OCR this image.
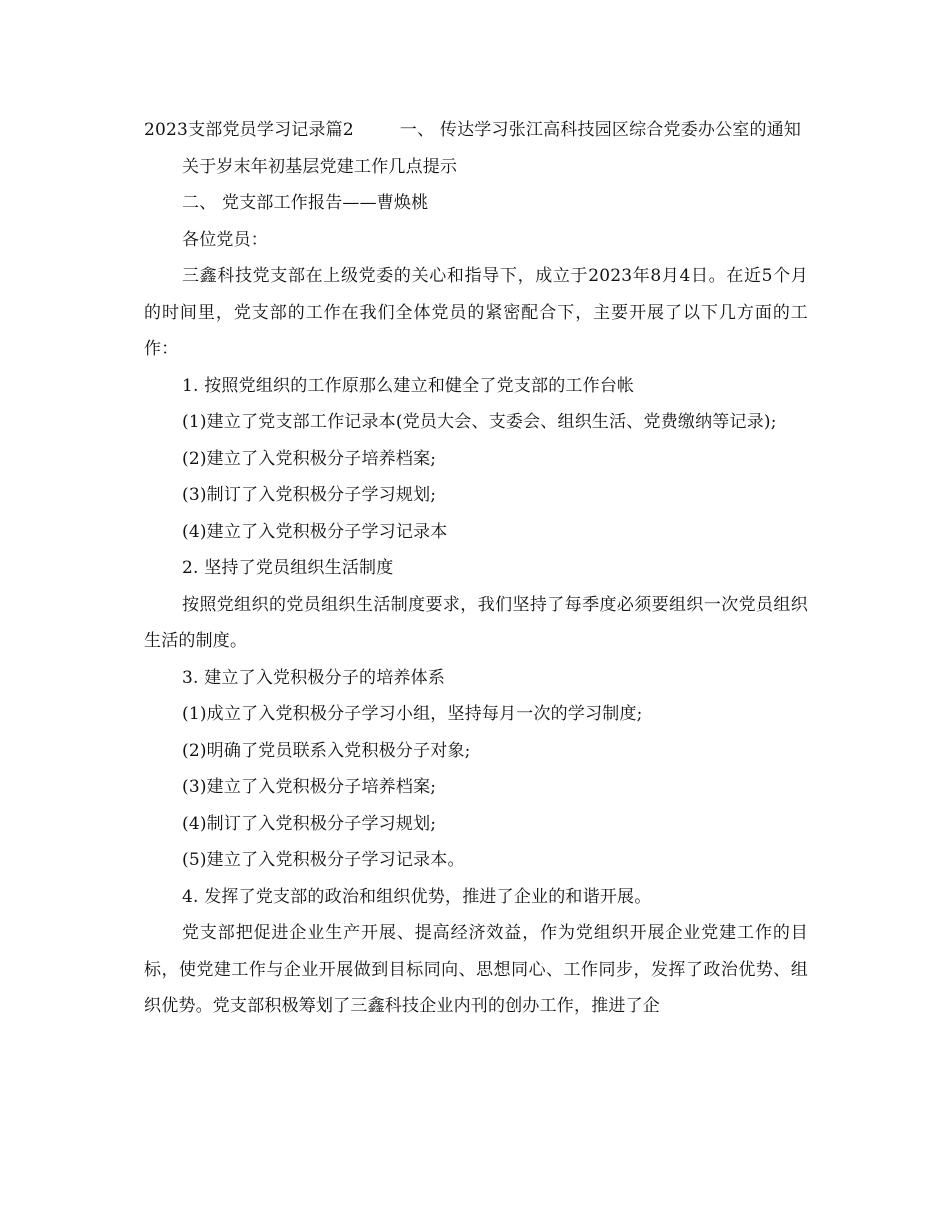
2023支部党员学习记录篇2	一、 传达学习张江高科技园区综合党委办公室的通知

关于岁末年初基层党建工作几点提示

二、 党支部工作报告——曹焕桃

各位党员：

三鑫科技党支部在上级党委的关心和指导下，成立于2023年8月4日。在近5个月的时间里，党支部的工作在我们全体党员的紧密配合下，主要开展了以下几方面的工作：

1. 按照党组织的工作原那么建立和健全了党支部的工作台帐

(1)建立了党支部工作记录本(党员大会、支委会、组织生活、党费缴纳等记录);

(2)建立了入党积极分子培养档案;

(3)制订了入党积极分子学习规划;

(4)建立了入党积极分子学习记录本

2. 坚持了党员组织生活制度

按照党组织的党员组织生活制度要求，我们坚持了每季度必须要组织一次党员组织生活的制度。

3. 建立了入党积极分子的培养体系

(1)成立了入党积极分子学习小组，坚持每月一次的学习制度;

(2)明确了党员联系入党积极分子对象;

(3)建立了入党积极分子培养档案;

(4)制订了入党积极分子学习规划;

(5)建立了入党积极分子学习记录本。

4. 发挥了党支部的政治和组织优势，推进了企业的和谐开展。

党支部把促进企业生产开展、提高经济效益，作为党组织开展企业党建工作的目标，使党建工作与企业开展做到目标同向、思想同心、工作同步，发挥了政治优势、组织优势。党支部积极筹划了三鑫科技企业内刊的创办工作，推进了企
